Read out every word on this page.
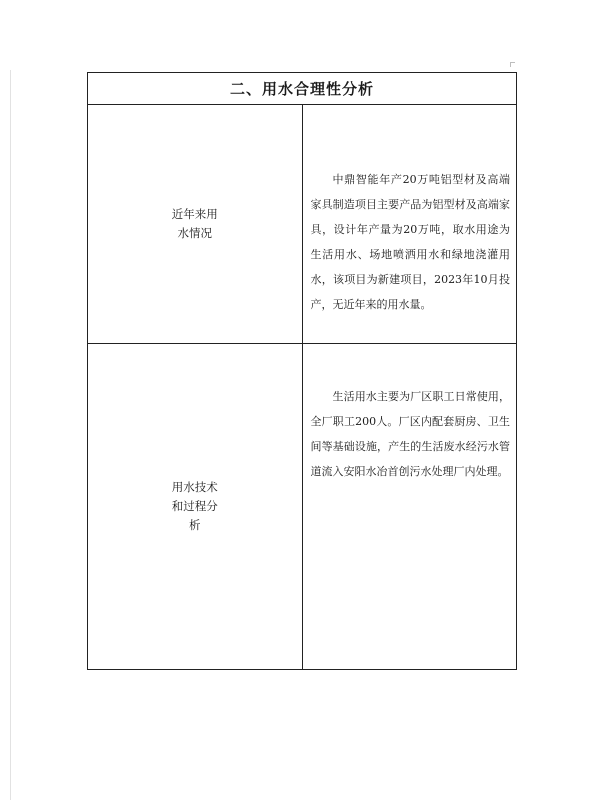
二、用水合理性分析	

近年来用
水情况	中鼎智能年产20万吨铝型材及高端家具制造项目主要产品为铝型材及高端家具，设计年产量为20万吨，取水用途为生活用水、场地喷洒用水和绿地浇灌用水，该项目为新建项目，2023年10月投产，无近年来的用水量。

用水技术
和过程分
析	生活用水主要为厂区职工日常使用，全厂职工200人。厂区内配套厨房、卫生间等基础设施，产生的生活废水经污水管道流入安阳水冶首创污水处理厂内处理。
